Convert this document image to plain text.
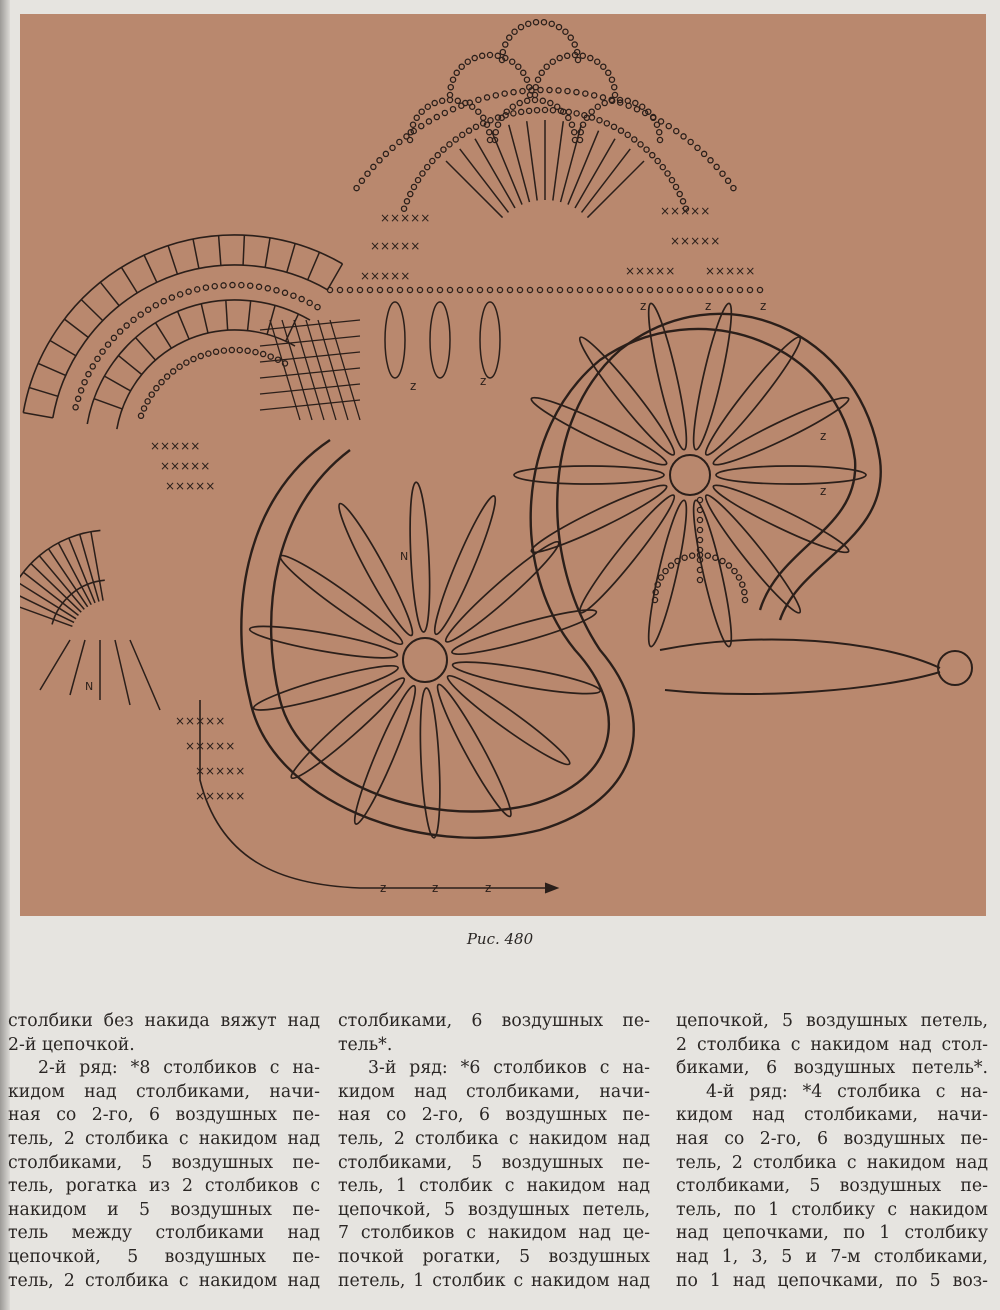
×××××
×××××
×××××	×××××
×××××
××××× ×××××
×××××
×××××
×××××
×××××
×××××
×××××
×××××
z	z	z
z	z	z
z	z
z
z
N
N
Рис. 480
столбики без накида вяжут над
2-й цепочкой.
2-й ряд: *8 столбиков с на-
кидом над столбиками, начи-
ная со 2-го, 6 воздушных пе-
тель, 2 столбика с накидом над
столбиками, 5 воздушных пе-
тель, рогатка из 2 столбиков с
накидом и 5 воздушных пе-
тель между столбиками над
цепочкой, 5 воздушных пе-
тель, 2 столбика с накидом над
столбиками, 6 воздушных пе-
тель*.
3-й ряд: *6 столбиков с на-
кидом над столбиками, начи-
ная со 2-го, 6 воздушных пе-
тель, 2 столбика с накидом над
столбиками, 5 воздушных пе-
тель, 1 столбик с накидом над
цепочкой, 5 воздушных петель,
7 столбиков с накидом над це-
почкой рогатки, 5 воздушных
петель, 1 столбик с накидом над
цепочкой, 5 воздушных петель,
2 столбика с накидом над стол-
биками, 6 воздушных петель*.
4-й ряд: *4 столбика с на-
кидом над столбиками, начи-
ная со 2-го, 6 воздушных пе-
тель, 2 столбика с накидом над
столбиками, 5 воздушных пе-
тель, по 1 столбику с накидом
над цепочками, по 1 столбику
над 1, 3, 5 и 7-м столбиками,
по 1 над цепочками, по 5 воз-
